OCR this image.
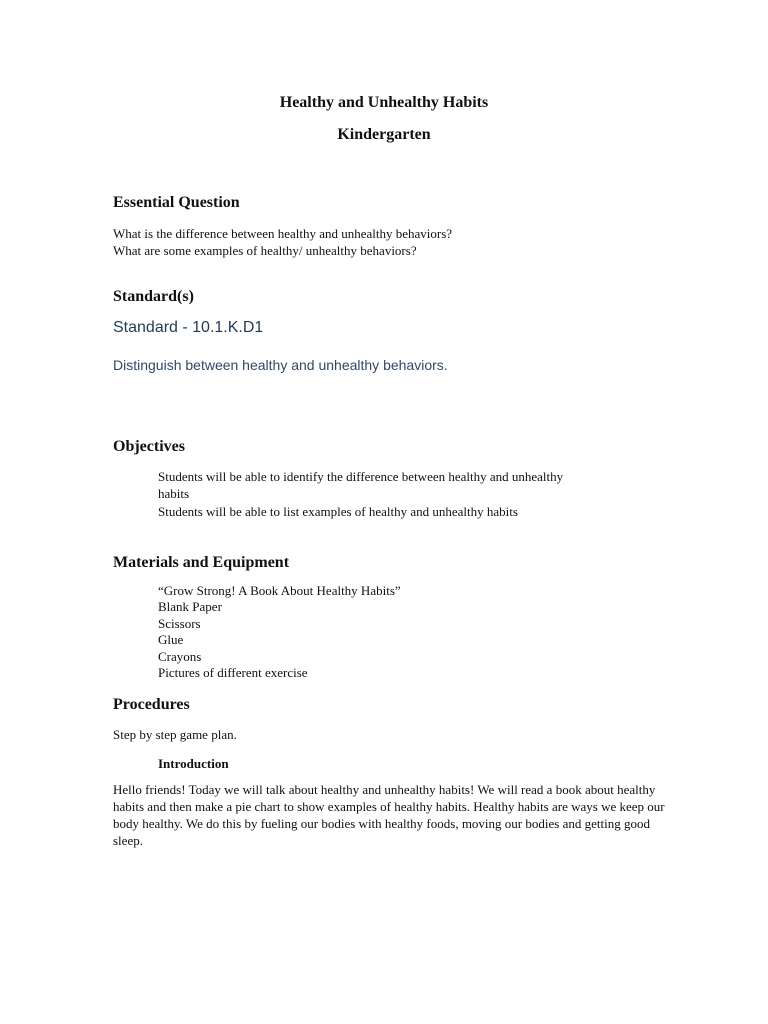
Healthy and Unhealthy Habits
Kindergarten
Essential Question
What is the difference between healthy and unhealthy behaviors?
What are some examples of healthy/ unhealthy behaviors?
Standard(s)
Standard - 10.1.K.D1
Distinguish between healthy and unhealthy behaviors.
Objectives
Students will be able to identify the difference between healthy and unhealthy
habits
Students will be able to list examples of healthy and unhealthy habits
Materials and Equipment
“Grow Strong! A Book About Healthy Habits”
Blank Paper
Scissors
Glue
Crayons
Pictures of different exercise
Procedures
Step by step game plan.
Introduction
Hello friends! Today we will talk about healthy and unhealthy habits! We will read a book about healthy habits and then make a pie chart to show examples of healthy habits. Healthy habits are ways we keep our body healthy. We do this by fueling our bodies with healthy foods, moving our bodies and getting good sleep.
